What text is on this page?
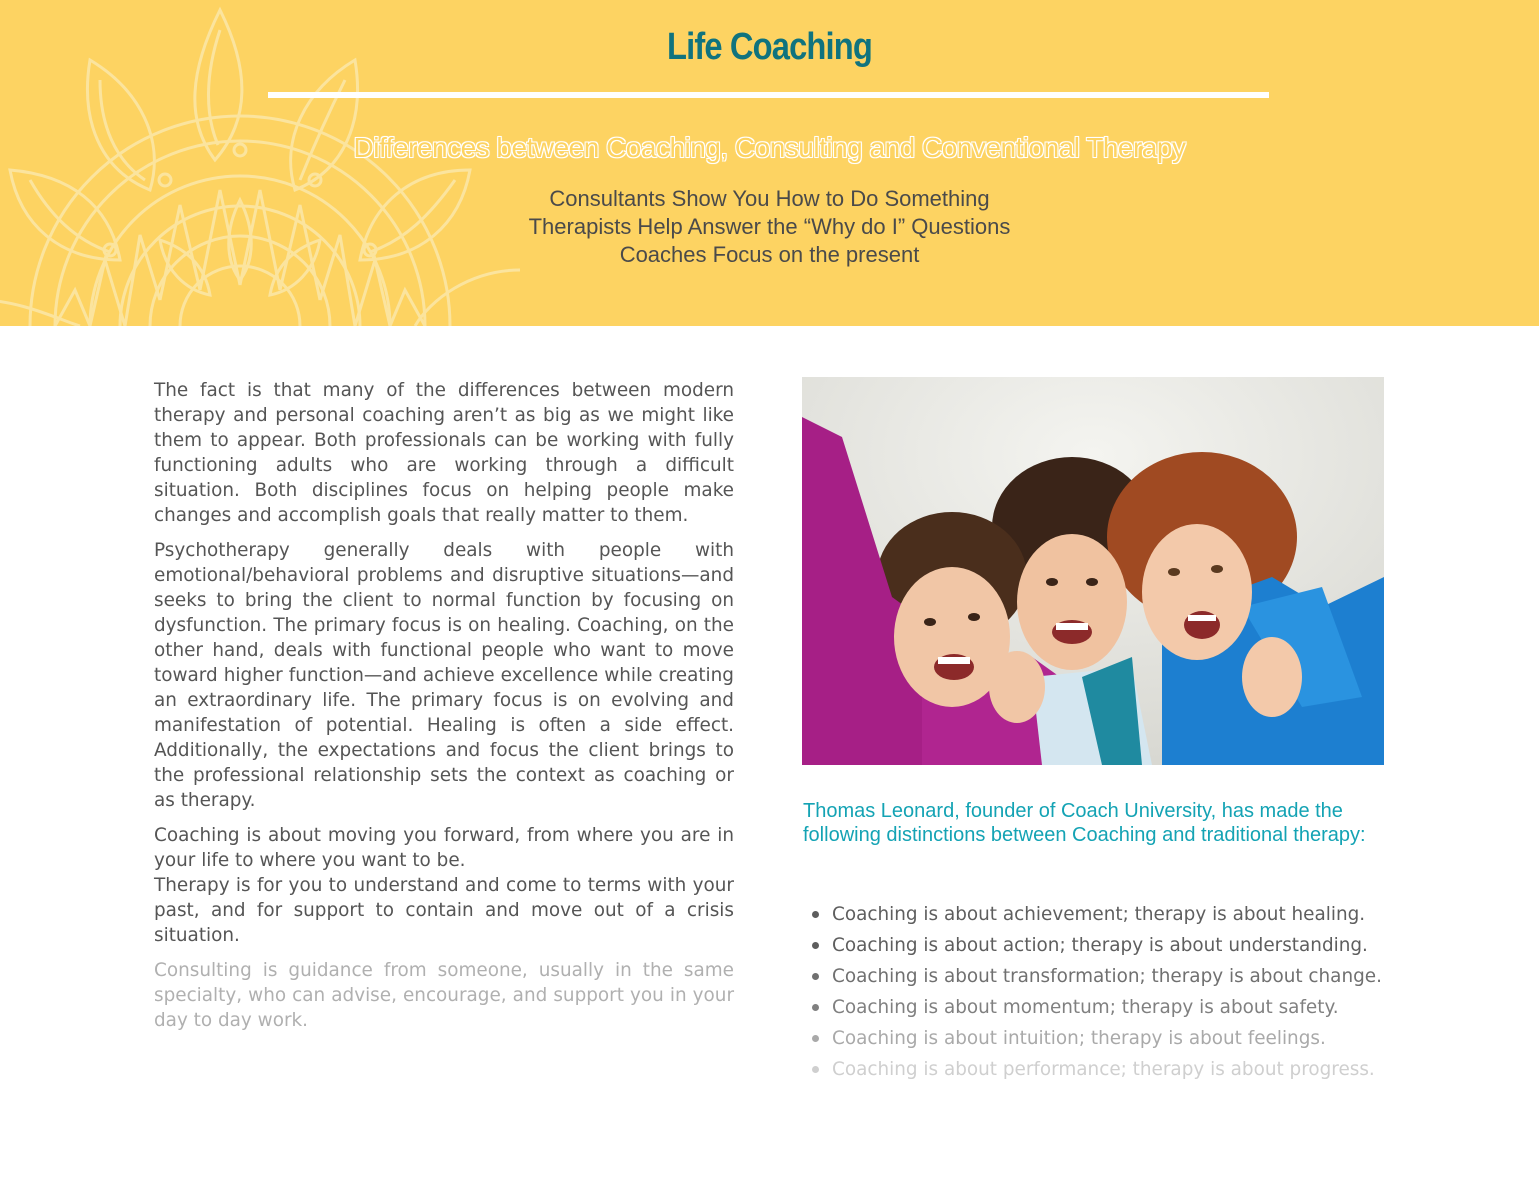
Life Coaching
Differences between Coaching, Consulting and Conventional Therapy
Consultants Show You How to Do Something
Therapists Help Answer the “Why do I” Questions
Coaches Focus on the present

The fact is that many of the differences between modern therapy and personal coaching aren’t as big as we might like them to appear. Both professionals can be working with fully functioning adults who are working through a difficult situation. Both disciplines focus on helping people make changes and accomplish goals that really matter to them.

Psychotherapy generally deals with people with emotional/behavioral problems and disruptive situations—and seeks to bring the client to normal function by focusing on dysfunction. The primary focus is on healing. Coaching, on the other hand, deals with functional people who want to move toward higher function—and achieve excellence while creating an extraordinary life. The primary focus is on evolving and manifestation of potential. Healing is often a side effect. Additionally, the expectations and focus the client brings to the professional relationship sets the context as coaching or as therapy.

Coaching is about moving you forward, from where you are in your life to where you want to be.

Therapy is for you to understand and come to terms with your past, and for support to contain and move out of a crisis situation.

Consulting is guidance from someone, usually in the same specialty, who can advise, encourage, and support you in your day to day work.

Thomas Leonard, founder of Coach University, has made the following distinctions between Coaching and traditional therapy:
Coaching is about achievement; therapy is about healing.
Coaching is about action; therapy is about understanding.
Coaching is about transformation; therapy is about change.
Coaching is about momentum; therapy is about safety.
Coaching is about intuition; therapy is about feelings.
Coaching is about performance; therapy is about progress.
